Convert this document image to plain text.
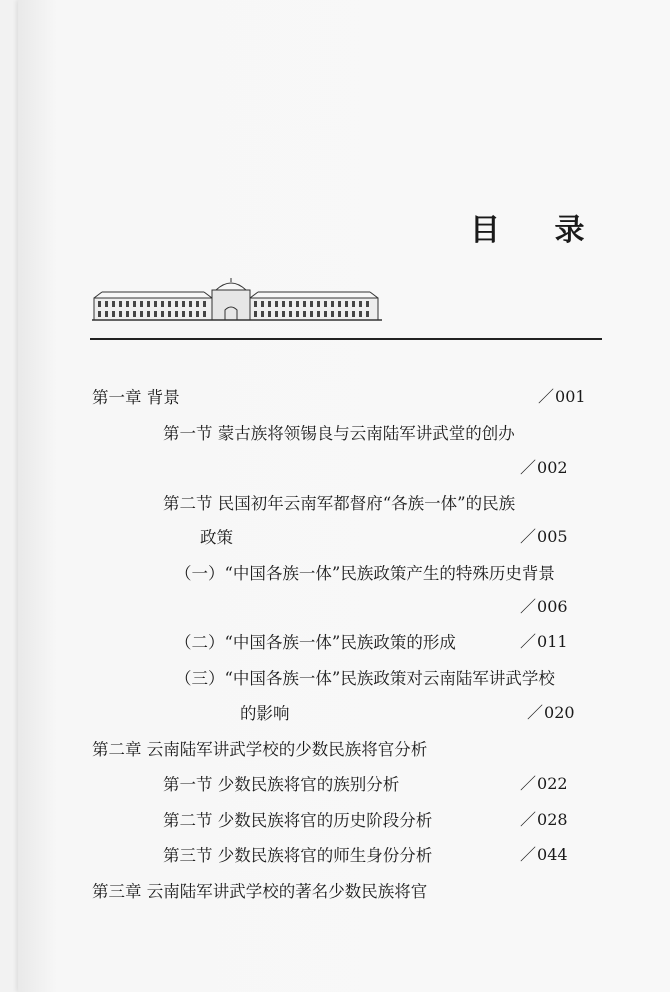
目 录
第一章 背景	／001
第一节 蒙古族将领锡良与云南陆军讲武堂的创办
／002
第二节 民国初年云南军都督府“各族一体”的民族
政策	／005
（一）“中国各族一体”民族政策产生的特殊历史背景
／006
（二）“中国各族一体”民族政策的形成	／011
（三）“中国各族一体”民族政策对云南陆军讲武学校
的影响	／020
第二章 云南陆军讲武学校的少数民族将官分析
第一节 少数民族将官的族别分析	／022
第二节 少数民族将官的历史阶段分析	／028
第三节 少数民族将官的师生身份分析	／044
第三章 云南陆军讲武学校的著名少数民族将官
